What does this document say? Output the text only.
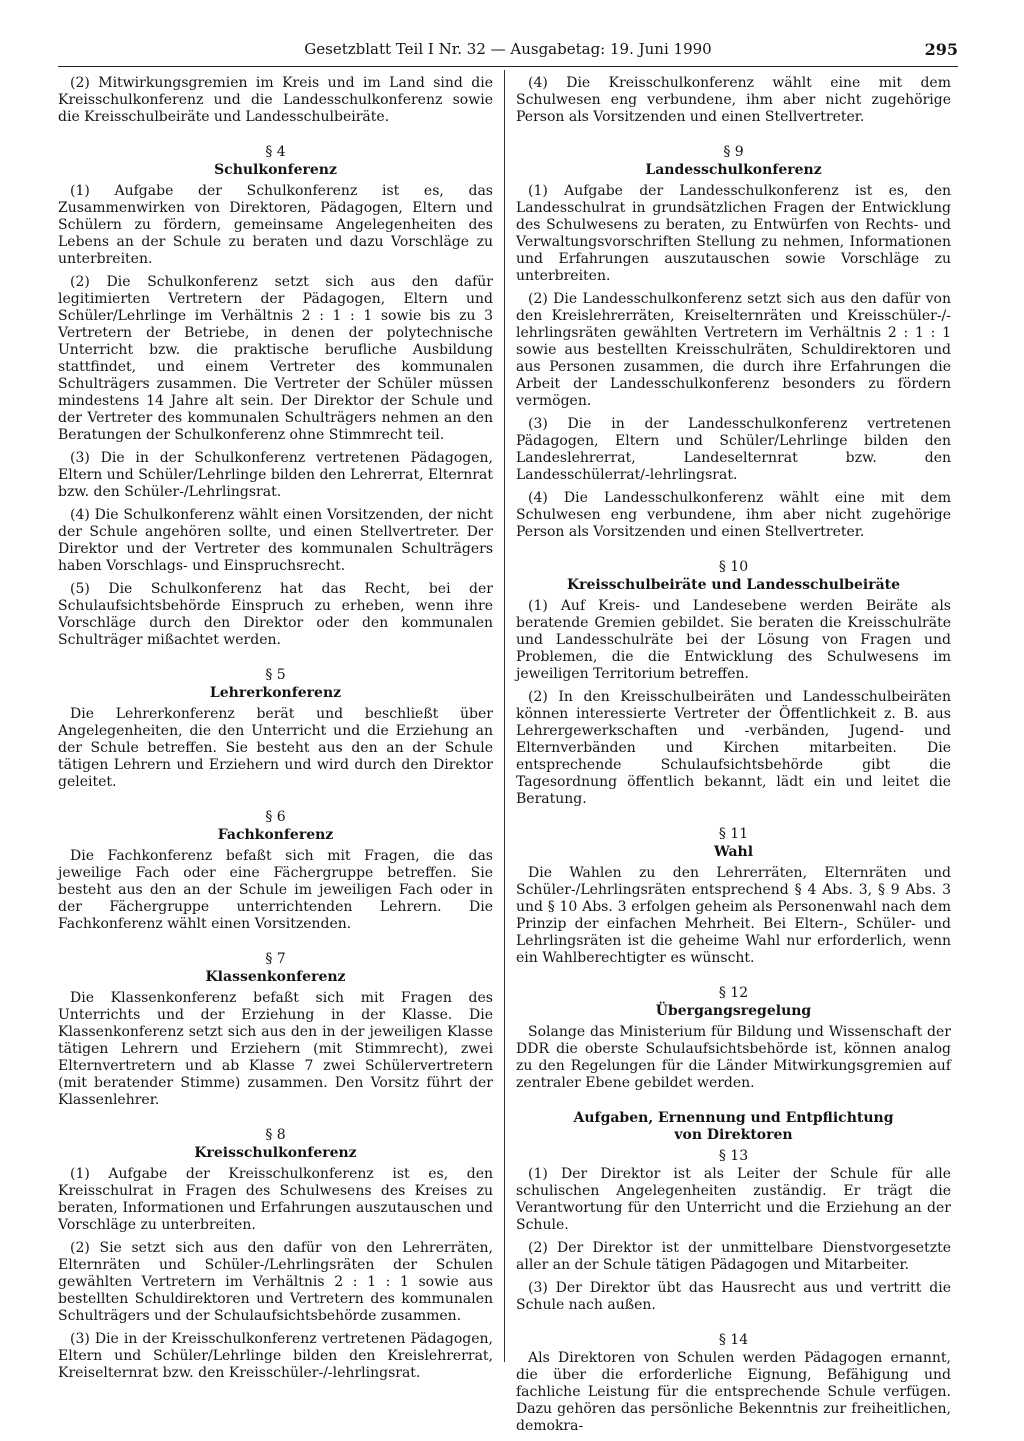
Gesetzblatt Teil I Nr. 32 — Ausgabetag: 19. Juni 1990	295

(2) Mitwirkungsgremien im Kreis und im Land sind die Kreisschulkonferenz und die Landesschulkonferenz sowie die Kreisschulbeiräte und Landesschulbeiräte.

§ 4
Schulkonferenz

(1) Aufgabe der Schulkonferenz ist es, das Zusammenwirken von Direktoren, Pädagogen, Eltern und Schülern zu fördern, gemeinsame Angelegenheiten des Lebens an der Schule zu beraten und dazu Vorschläge zu unterbreiten.

(2) Die Schulkonferenz setzt sich aus den dafür legitimierten Vertretern der Pädagogen, Eltern und Schüler/Lehrlinge im Verhältnis 2 : 1 : 1 sowie bis zu 3 Vertretern der Betriebe, in denen der polytechnische Unterricht bzw. die praktische berufliche Ausbildung stattfindet, und einem Vertreter des kommunalen Schulträgers zusammen. Die Vertreter der Schüler müssen mindestens 14 Jahre alt sein. Der Direktor der Schule und der Vertreter des kommunalen Schulträgers nehmen an den Beratungen der Schulkonferenz ohne Stimmrecht teil.

(3) Die in der Schulkonferenz vertretenen Pädagogen, Eltern und Schüler/Lehrlinge bilden den Lehrerrat, Elternrat bzw. den Schüler-/Lehrlingsrat.

(4) Die Schulkonferenz wählt einen Vorsitzenden, der nicht der Schule angehören sollte, und einen Stellvertreter. Der Direktor und der Vertreter des kommunalen Schulträgers haben Vorschlags- und Einspruchsrecht.

(5) Die Schulkonferenz hat das Recht, bei der Schulaufsichtsbehörde Einspruch zu erheben, wenn ihre Vorschläge durch den Direktor oder den kommunalen Schulträger mißachtet werden.

§ 5
Lehrerkonferenz

Die Lehrerkonferenz berät und beschließt über Angelegenheiten, die den Unterricht und die Erziehung an der Schule betreffen. Sie besteht aus den an der Schule tätigen Lehrern und Erziehern und wird durch den Direktor geleitet.

§ 6
Fachkonferenz

Die Fachkonferenz befaßt sich mit Fragen, die das jeweilige Fach oder eine Fächergruppe betreffen. Sie besteht aus den an der Schule im jeweiligen Fach oder in der Fächergruppe unterrichtenden Lehrern. Die Fachkonferenz wählt einen Vorsitzenden.

§ 7
Klassenkonferenz

Die Klassenkonferenz befaßt sich mit Fragen des Unterrichts und der Erziehung in der Klasse. Die Klassenkonferenz setzt sich aus den in der jeweiligen Klasse tätigen Lehrern und Erziehern (mit Stimmrecht), zwei Elternvertretern und ab Klasse 7 zwei Schülervertretern (mit beratender Stimme) zusammen. Den Vorsitz führt der Klassenlehrer.

§ 8
Kreisschulkonferenz

(1) Aufgabe der Kreisschulkonferenz ist es, den Kreisschulrat in Fragen des Schulwesens des Kreises zu beraten, Informationen und Erfahrungen auszutauschen und Vorschläge zu unterbreiten.

(2) Sie setzt sich aus den dafür von den Lehrerräten, Elternräten und Schüler-/Lehrlingsräten der Schulen gewählten Vertretern im Verhältnis 2 : 1 : 1 sowie aus bestellten Schuldirektoren und Vertretern des kommunalen Schulträgers und der Schulaufsichtsbehörde zusammen.

(3) Die in der Kreisschulkonferenz vertretenen Pädagogen, Eltern und Schüler/Lehrlinge bilden den Kreislehrerrat, Kreiselternrat bzw. den Kreisschüler-/-lehrlingsrat.

(4) Die Kreisschulkonferenz wählt eine mit dem Schulwesen eng verbundene, ihm aber nicht zugehörige Person als Vorsitzenden und einen Stellvertreter.

§ 9
Landesschulkonferenz

(1) Aufgabe der Landesschulkonferenz ist es, den Landesschulrat in grundsätzlichen Fragen der Entwicklung des Schulwesens zu beraten, zu Entwürfen von Rechts- und Verwaltungsvorschriften Stellung zu nehmen, Informationen und Erfahrungen auszutauschen sowie Vorschläge zu unterbreiten.

(2) Die Landesschulkonferenz setzt sich aus den dafür von den Kreislehrerräten, Kreiselternräten und Kreisschüler-/-lehrlingsräten gewählten Vertretern im Verhältnis 2 : 1 : 1 sowie aus bestellten Kreisschulräten, Schuldirektoren und aus Personen zusammen, die durch ihre Erfahrungen die Arbeit der Landesschulkonferenz besonders zu fördern vermögen.

(3) Die in der Landesschulkonferenz vertretenen Pädagogen, Eltern und Schüler/Lehrlinge bilden den Landeslehrerrat, Landeselternrat bzw. den Landesschülerrat/-lehrlingsrat.

(4) Die Landesschulkonferenz wählt eine mit dem Schulwesen eng verbundene, ihm aber nicht zugehörige Person als Vorsitzenden und einen Stellvertreter.

§ 10
Kreisschulbeiräte und Landesschulbeiräte

(1) Auf Kreis- und Landesebene werden Beiräte als beratende Gremien gebildet. Sie beraten die Kreisschulräte und Landesschulräte bei der Lösung von Fragen und Problemen, die die Entwicklung des Schulwesens im jeweiligen Territorium betreffen.

(2) In den Kreisschulbeiräten und Landesschulbeiräten können interessierte Vertreter der Öffentlichkeit z. B. aus Lehrergewerkschaften und -verbänden, Jugend- und Elternverbänden und Kirchen mitarbeiten. Die entsprechende Schulaufsichtsbehörde gibt die Tagesordnung öffentlich bekannt, lädt ein und leitet die Beratung.

§ 11
Wahl

Die Wahlen zu den Lehrerräten, Elternräten und Schüler-/Lehrlingsräten entsprechend § 4 Abs. 3, § 9 Abs. 3 und § 10 Abs. 3 erfolgen geheim als Personenwahl nach dem Prinzip der einfachen Mehrheit. Bei Eltern-, Schüler- und Lehrlingsräten ist die geheime Wahl nur erforderlich, wenn ein Wahlberechtigter es wünscht.

§ 12
Übergangsregelung

Solange das Ministerium für Bildung und Wissenschaft der DDR die oberste Schulaufsichtsbehörde ist, können analog zu den Regelungen für die Länder Mitwirkungsgremien auf zentraler Ebene gebildet werden.

Aufgaben, Ernennung und Entpflichtung
von Direktoren
§ 13

(1) Der Direktor ist als Leiter der Schule für alle schulischen Angelegenheiten zuständig. Er trägt die Verantwortung für den Unterricht und die Erziehung an der Schule.

(2) Der Direktor ist der unmittelbare Dienstvorgesetzte aller an der Schule tätigen Pädagogen und Mitarbeiter.

(3) Der Direktor übt das Hausrecht aus und vertritt die Schule nach außen.

§ 14

Als Direktoren von Schulen werden Pädagogen ernannt, die über die erforderliche Eignung, Befähigung und fachliche Leistung für die entsprechende Schule verfügen. Dazu gehören das persönliche Bekenntnis zur freiheitlichen, demokra-
